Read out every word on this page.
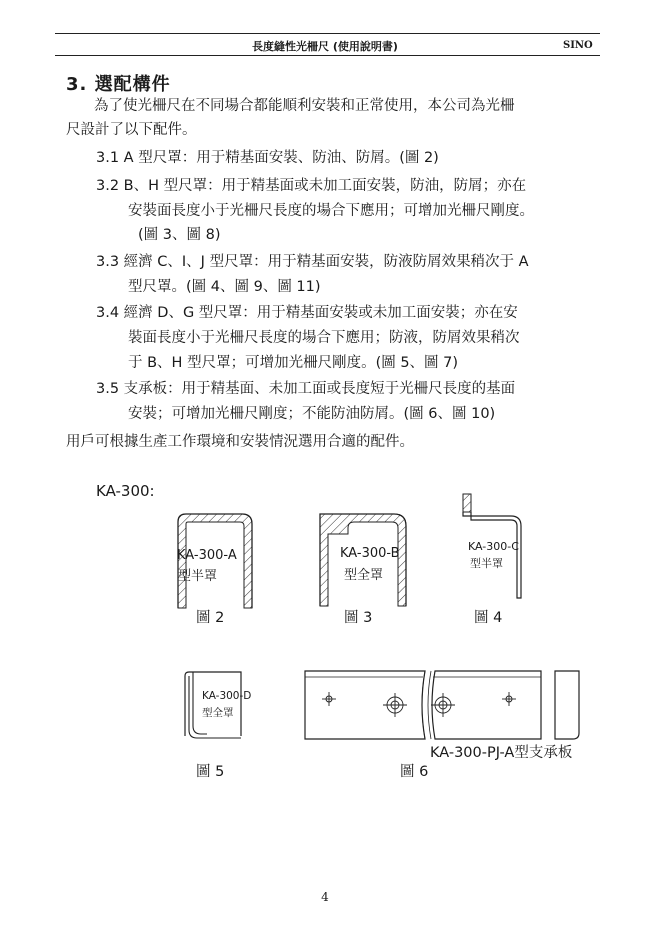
長度縫性光柵尺 (使用說明書)	SINO
3. 選配構件
為了使光柵尺在不同場合都能順利安裝和正常使用，本公司為光柵
尺設計了以下配件。
3.1 A 型尺罩：用于精基面安裝、防油、防屑。(圖 2)
3.2 B、H 型尺罩：用于精基面或未加工面安裝，防油，防屑；亦在
安裝面長度小于光柵尺長度的場合下應用；可增加光柵尺剛度。
(圖 3、圖 8)
3.3 經濟 C、I、J 型尺罩：用于精基面安裝，防液防屑效果稍次于 A
型尺罩。(圖 4、圖 9、圖 11)
3.4 經濟 D、G 型尺罩：用于精基面安裝或未加工面安裝；亦在安
裝面長度小于光柵尺長度的場合下應用；防液，防屑效果稍次
于 B、H 型尺罩；可增加光柵尺剛度。(圖 5、圖 7)
3.5 支承板：用于精基面、未加工面或長度短于光柵尺長度的基面
安裝；可增加光柵尺剛度；不能防油防屑。(圖 6、圖 10)
用戶可根據生產工作環境和安裝情況選用合適的配件。
KA-300:
KA-300-A
型半罩
圖 2
KA-300-B
型全罩
圖 3
KA-300-C
型半罩
圖 4
KA-300-D
型全罩
圖 5
KA-300-PJ-A型支承板
圖 6
4
